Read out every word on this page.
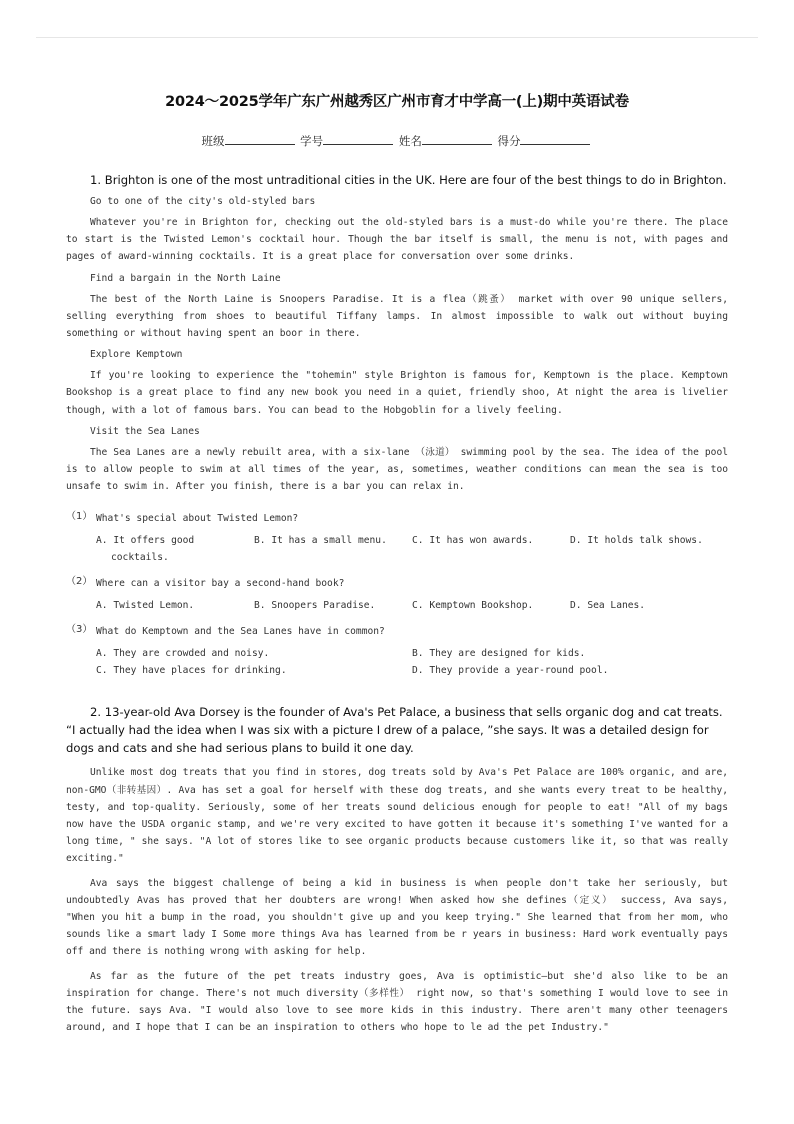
2024～2025学年广东广州越秀区广州市育才中学高一(上)期中英语试卷
班级	学号	姓名	得分

1. Brighton is one of the most untraditional cities in the UK. Here are four of the best things to do in Brighton.

Go to one of the city's old-styled bars

Whatever you're in Brighton for, checking out the old-styled bars is a must-do while you're there. The place to start is the Twisted Lemon's cocktail hour. Though the bar itself is small, the menu is not, with pages and pages of award-winning cocktails. It is a great place for conversation over some drinks.

Find a bargain in the North Laine

The best of the North Laine is Snoopers Paradise. It is a flea（跳蚤） market with over 90 unique sellers, selling everything from shoes to beautiful Tiffany lamps. In almost impossible to walk out without buying something or without having spent an boor in there.

Explore Kemptown

If you're looking to experience the "tohemin" style Brighton is famous for, Kemptown is the place. Kemptown Bookshop is a great place to find any new book you need in a quiet, friendly shoo, At night the area is livelier though, with a lot of famous bars. You can bead to the Hobgoblin for a lively feeling.

Visit the Sea Lanes

The Sea Lanes are a newly rebuilt area, with a six-lane （泳道） swimming pool by the sea. The idea of the pool is to allow people to swim at all times of the year, as, sometimes, weather conditions can mean the sea is too unsafe to swim in. After you finish, there is a bar you can relax in.

（1） What's special about Twisted Lemon?

A. It offers good cocktails.
B. It has a small menu.	C. It has won awards.	D. It holds talk shows.

（2） Where can a visitor bay a second-hand book?

A. Twisted Lemon.	B. Snoopers Paradise.	C. Kemptown Bookshop.	D. Sea Lanes.

（3） What do Kemptown and the Sea Lanes have in common?

A. They are crowded and noisy.	B. They are designed for kids.
C. They have places for drinking.	D. They provide a year-round pool.

2. 13-year-old Ava Dorsey is the founder of Ava's Pet Palace, a business that sells organic dog and cat treats. “I actually had the idea when I was six with a picture I drew of a palace, ”she says. It was a detailed design for dogs and cats and she had serious plans to build it one day.

Unlike most dog treats that you find in stores, dog treats sold by Ava's Pet Palace are 100% organic, and are, non-GMO（非转基因）. Ava has set a goal for herself with these dog treats, and she wants every treat to be healthy, testy, and top-quality. Seriously, some of her treats sound delicious enough for people to eat! "All of my bags now have the USDA organic stamp, and we're very excited to have gotten it because it's something I've wanted for a long time, " she says. "A lot of stores like to see organic products because customers like it, so that was really exciting."

Ava says the biggest challenge of being a kid in business is when people don't take her seriously, but undoubtedly Avas has proved that her doubters are wrong! When asked how she defines（定义） success, Ava says, "When you hit a bump in the road, you shouldn't give up and you keep trying." She learned that from her mom, who sounds like a smart lady I Some more things Ava has learned from be r years in business: Hard work eventually pays off and there is nothing wrong with asking for help.

As far as the future of the pet treats industry goes, Ava is optimistic—but she'd also like to be an inspiration for change. There's not much diversity（多样性） right now, so that's something I would love to see in the future. says Ava. "I would also love to see more kids in this industry. There aren't many other teenagers around, and I hope that I can be an inspiration to others who hope to le ad the pet Industry."
